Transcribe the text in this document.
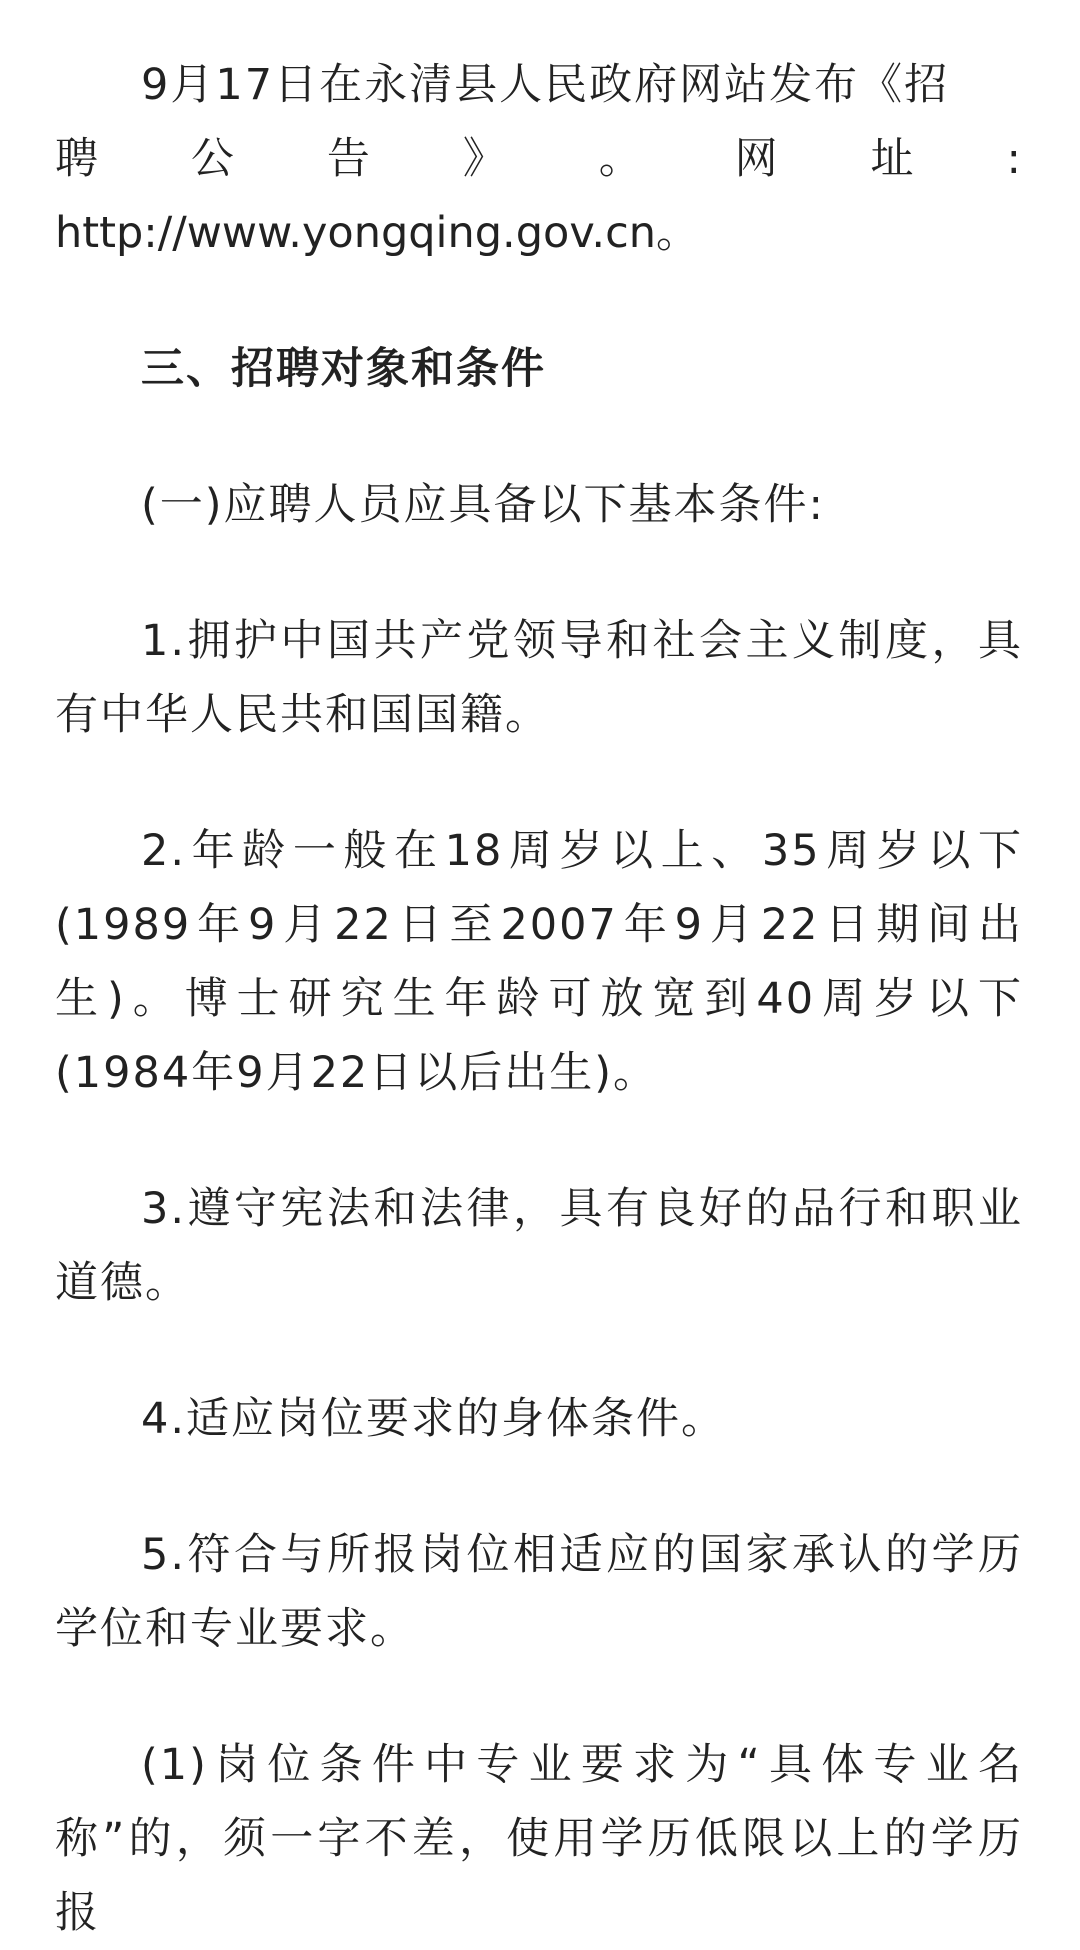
9月17日在永清县人民政府网站发布《招

聘 公 告 》 。 网 址 :

http://www.yongqing.gov.cn。

三、招聘对象和条件

(一)应聘人员应具备以下基本条件:

1.拥护中国共产党领导和社会主义制度，具有中华人民共和国国籍。

2.年龄一般在18周岁以上、35周岁以下(1989年9月22日至2007年9月22日期间出生)。博士研究生年龄可放宽到40周岁以下(1984年9月22日以后出生)。

3.遵守宪法和法律，具有良好的品行和职业道德。

4.适应岗位要求的身体条件。

5.符合与所报岗位相适应的国家承认的学历学位和专业要求。

(1)岗位条件中专业要求为“具体专业名称”的，须一字不差，使用学历低限以上的学历报
